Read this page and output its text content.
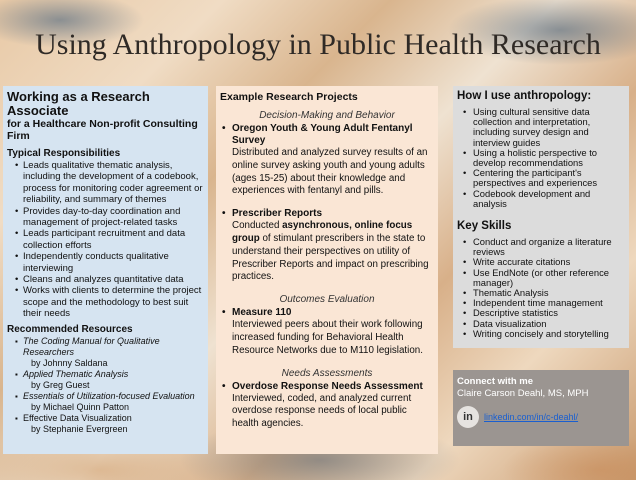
Using Anthropology in Public Health Research
Working as a Research Associate
for a Healthcare Non-profit Consulting Firm
Typical Responsibilities
• Leads qualitative thematic analysis, including the development of a codebook, process for monitoring coder agreement or reliability, and summary of themes
• Provides day-to-day coordination and management of project-related tasks
• Leads participant recruitment and data collection efforts
• Independently conducts qualitative interviewing
• Cleans and analyzes quantitative data
• Works with clients to determine the project scope and the methodology to best suit their needs
Recommended Resources
▪ The Coding Manual for Qualitative Researchers
by Johnny Saldana
▪ Applied Thematic Analysis
by Greg Guest
▪ Essentials of Utilization-focused Evaluation
by Michael Quinn Patton
▪ Effective Data Visualization
by Stephanie Evergreen
Example Research Projects
Decision-Making and Behavior
• Oregon Youth & Young Adult Fentanyl Survey
Distributed and analyzed survey results of an online survey asking youth and young adults (ages 15-25) about their knowledge and experiences with fentanyl and pills.
• Prescriber Reports
Conducted asynchronous, online focus group of stimulant prescribers in the state to understand their perspectives on utility of Prescriber Reports and impact on prescribing practices.
Outcomes Evaluation
• Measure 110
Interviewed peers about their work following increased funding for Behavioral Health Resource Networks due to M110 legislation.
Needs Assessments
• Overdose Response Needs Assessment
Interviewed, coded, and analyzed current overdose response needs of local public health agencies.
How I use anthropology:
• Using cultural sensitive data collection and interpretation, including survey design and interview guides
• Using a holistic perspective to develop recommendations
• Centering the participant's perspectives and experiences
• Codebook development and analysis
Key Skills
• Conduct and organize a literature reviews
• Write accurate citations
• Use EndNote (or other reference manager)
• Thematic Analysis
• Independent time management
• Descriptive statistics
• Data visualization
• Writing concisely and storytelling
Connect with me
Claire Carson Deahl, MS, MPH
in	linkedin.com/in/c-deahl/
